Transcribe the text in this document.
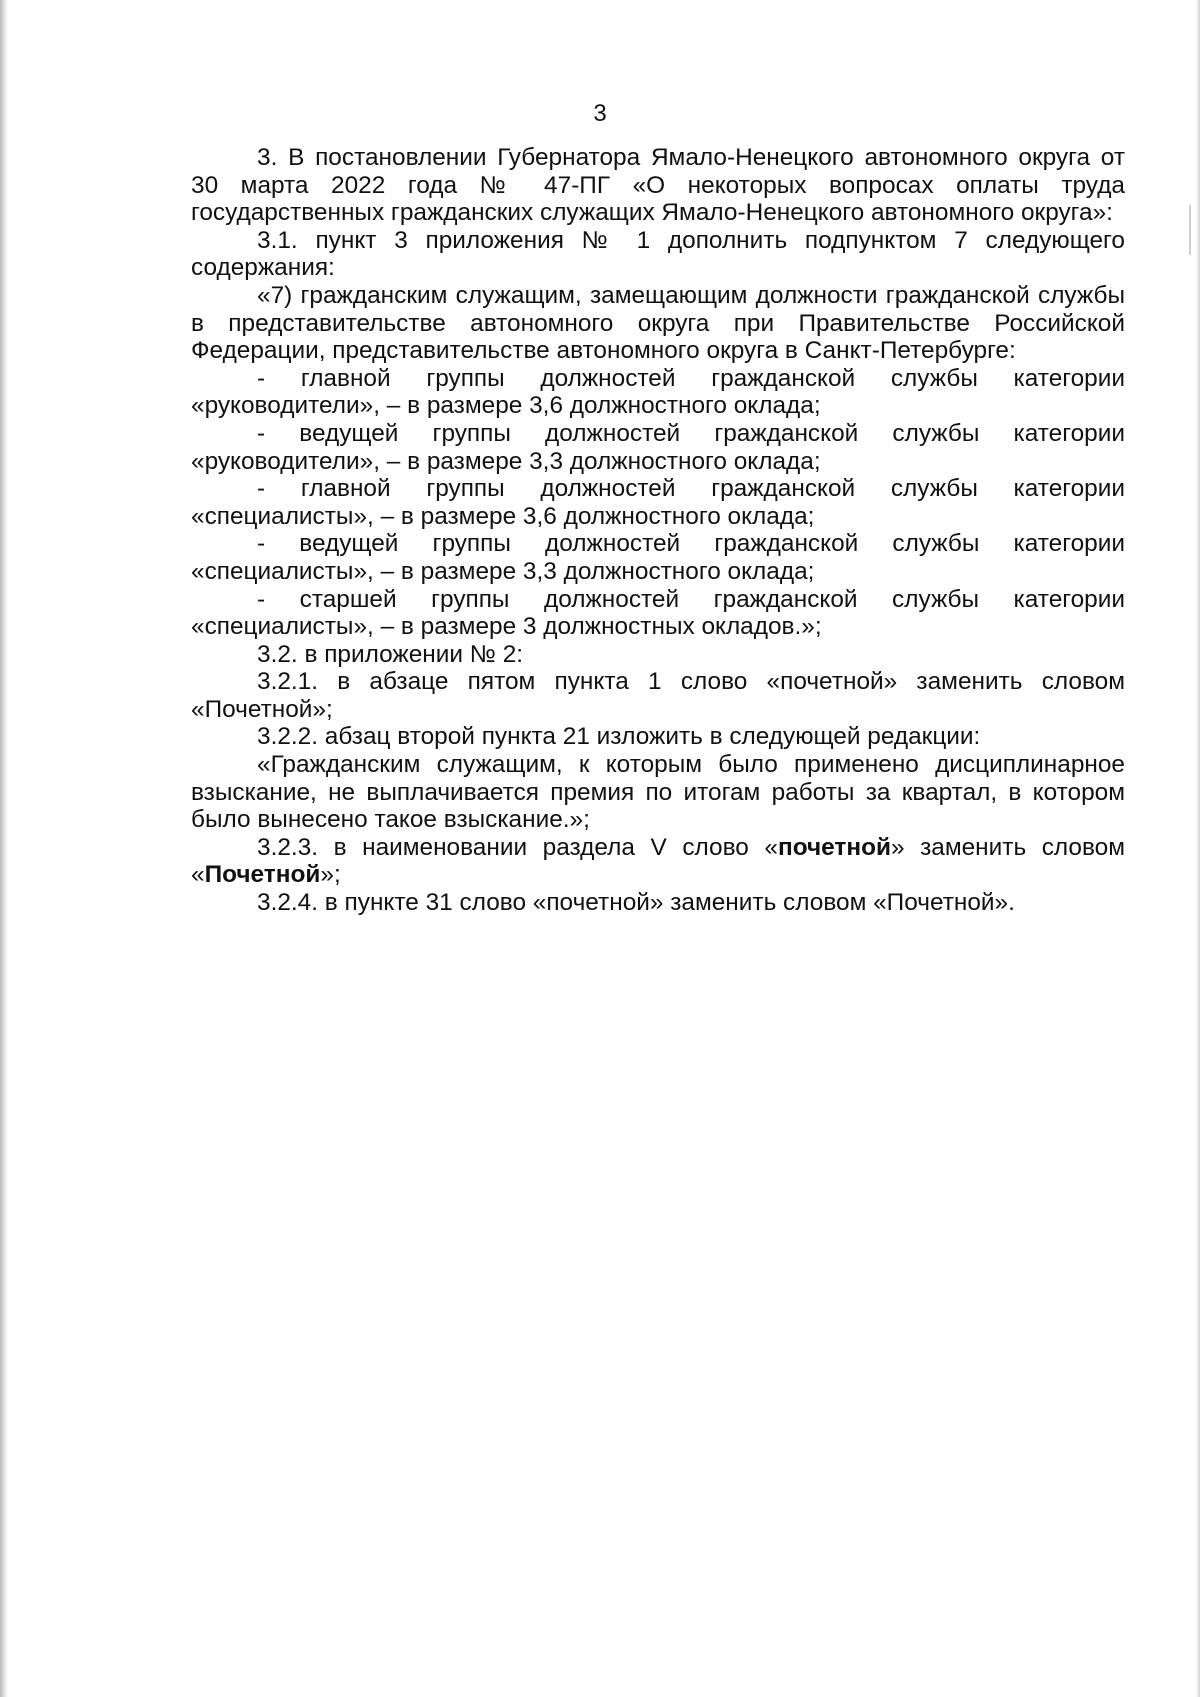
3

3. В постановлении Губернатора Ямало-Ненецкого автономного округа от 30 марта 2022 года № 47-ПГ «О некоторых вопросах оплаты труда государственных гражданских служащих Ямало-Ненецкого автономного округа»:

3.1. пункт 3 приложения № 1 дополнить подпунктом 7 следующего содержания:

«7) гражданским служащим, замещающим должности гражданской службы в представительстве автономного округа при Правительстве Российской Федерации, представительстве автономного округа в Санкт-Петербурге:

- главной группы должностей гражданской службы категории «руководители», – в размере 3,6 должностного оклада;

- ведущей группы должностей гражданской службы категории «руководители», – в размере 3,3 должностного оклада;

- главной группы должностей гражданской службы категории «специалисты», – в размере 3,6 должностного оклада;

- ведущей группы должностей гражданской службы категории «специалисты», – в размере 3,3 должностного оклада;

- старшей группы должностей гражданской службы категории «специалисты», – в размере 3 должностных окладов.»;

3.2. в приложении № 2:

3.2.1. в абзаце пятом пункта 1 слово «почетной» заменить словом «Почетной»;

3.2.2. абзац второй пункта 21 изложить в следующей редакции:

«Гражданским служащим, к которым было применено дисциплинарное взыскание, не выплачивается премия по итогам работы за квартал, в котором было вынесено такое взыскание.»;

3.2.3. в наименовании раздела V слово «почетной» заменить словом «Почетной»;

3.2.4. в пункте 31 слово «почетной» заменить словом «Почетной».
